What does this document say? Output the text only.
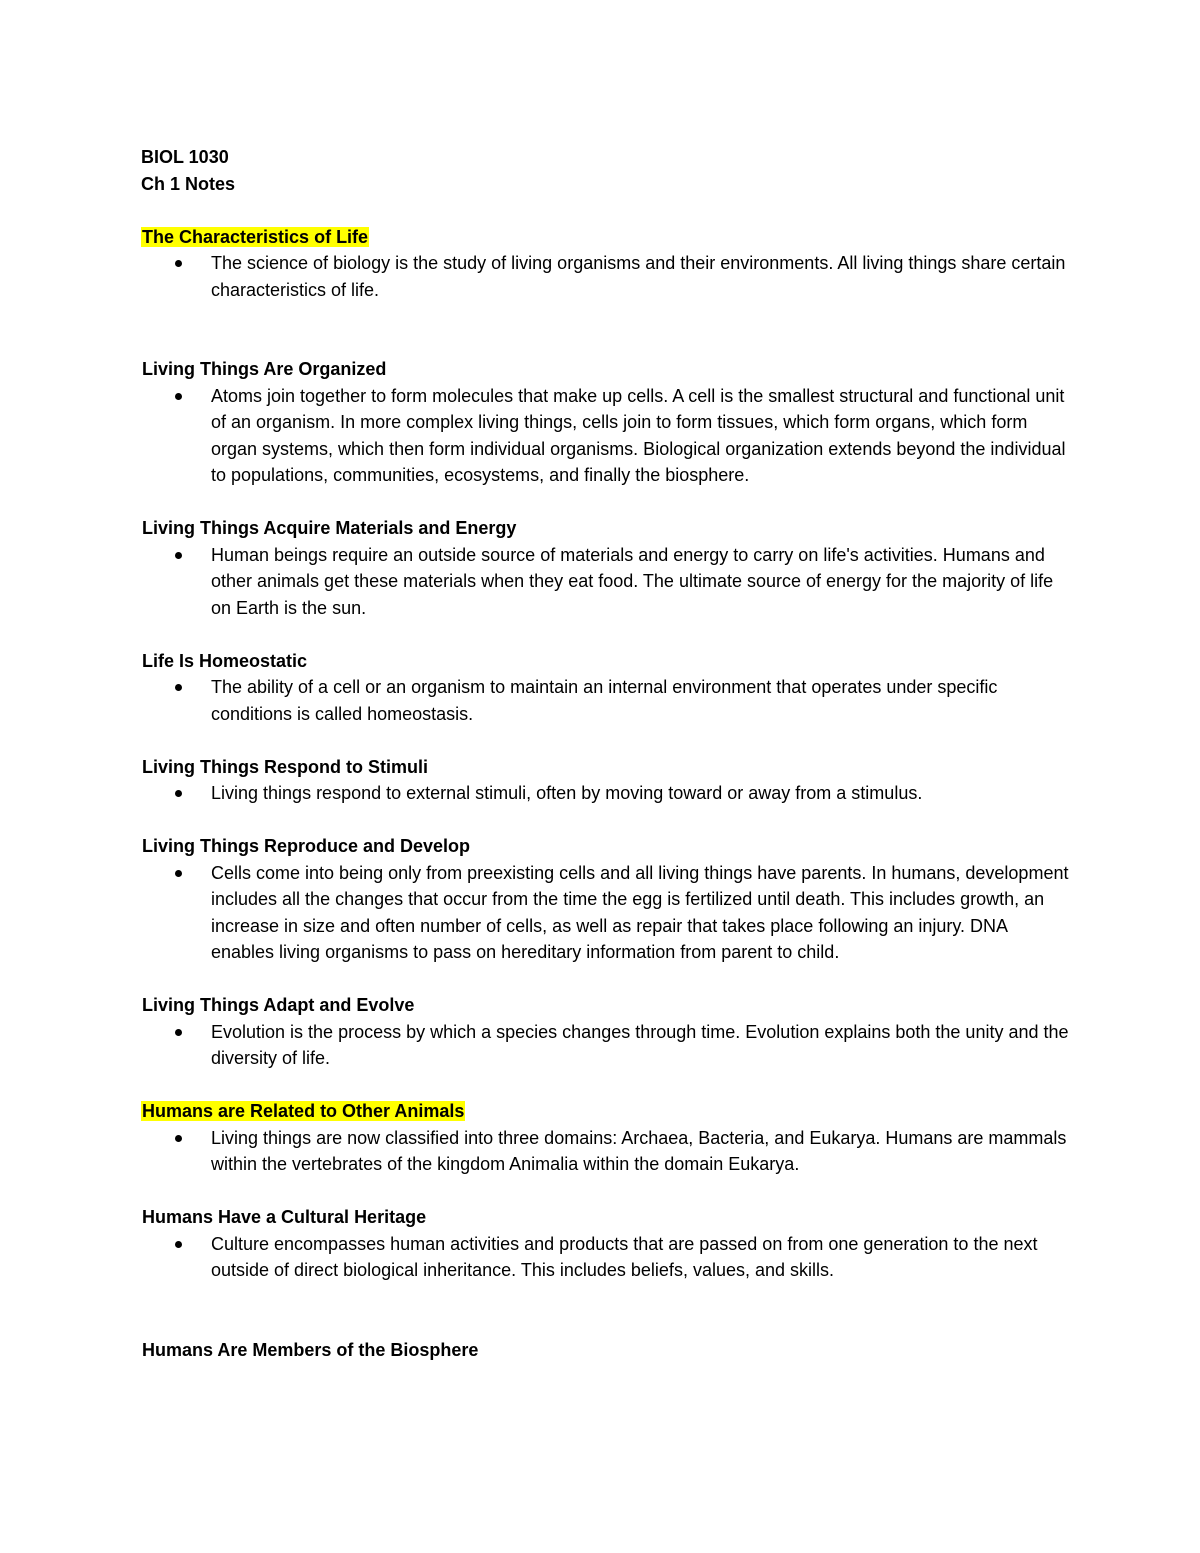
BIOL 1030
Ch 1 Notes
The Characteristics of Life
The science of biology is the study of living organisms and their environments. All living things share certain characteristics of life.
Living Things Are Organized
Atoms join together to form molecules that make up cells. A cell is the smallest structural and functional unit of an organism. In more complex living things, cells join to form tissues, which form organs, which form organ systems, which then form individual organisms. Biological organization extends beyond the individual to populations, communities, ecosystems, and finally the biosphere.
Living Things Acquire Materials and Energy
Human beings require an outside source of materials and energy to carry on life's activities. Humans and other animals get these materials when they eat food. The ultimate source of energy for the majority of life on Earth is the sun.
Life Is Homeostatic
The ability of a cell or an organism to maintain an internal environment that operates under specific conditions is called homeostasis.
Living Things Respond to Stimuli
Living things respond to external stimuli, often by moving toward or away from a stimulus.
Living Things Reproduce and Develop
Cells come into being only from preexisting cells and all living things have parents. In humans, development includes all the changes that occur from the time the egg is fertilized until death. This includes growth, an increase in size and often number of cells, as well as repair that takes place following an injury. DNA enables living organisms to pass on hereditary information from parent to child.
Living Things Adapt and Evolve
Evolution is the process by which a species changes through time. Evolution explains both the unity and the diversity of life.
Humans are Related to Other Animals
Living things are now classified into three domains: Archaea, Bacteria, and Eukarya. Humans are mammals within the vertebrates of the kingdom Animalia within the domain Eukarya.
Humans Have a Cultural Heritage
Culture encompasses human activities and products that are passed on from one generation to the next outside of direct biological inheritance. This includes beliefs, values, and skills.
Humans Are Members of the Biosphere
